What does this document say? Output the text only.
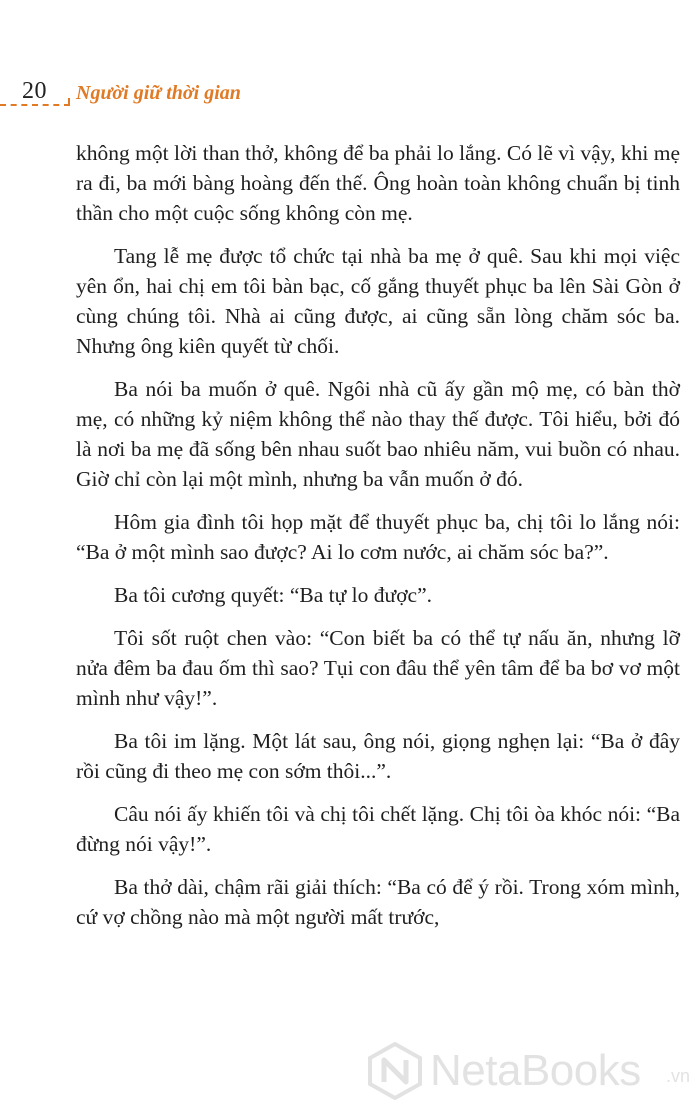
20 Người giữ thời gian

không một lời than thở, không để ba phải lo lắng. Có lẽ vì vậy, khi mẹ ra đi, ba mới bàng hoàng đến thế. Ông hoàn toàn không chuẩn bị tinh thần cho một cuộc sống không còn mẹ.

Tang lễ mẹ được tổ chức tại nhà ba mẹ ở quê. Sau khi mọi việc yên ổn, hai chị em tôi bàn bạc, cố gắng thuyết phục ba lên Sài Gòn ở cùng chúng tôi. Nhà ai cũng được, ai cũng sẵn lòng chăm sóc ba. Nhưng ông kiên quyết từ chối.

Ba nói ba muốn ở quê. Ngôi nhà cũ ấy gần mộ mẹ, có bàn thờ mẹ, có những kỷ niệm không thể nào thay thế được. Tôi hiểu, bởi đó là nơi ba mẹ đã sống bên nhau suốt bao nhiêu năm, vui buồn có nhau. Giờ chỉ còn lại một mình, nhưng ba vẫn muốn ở đó.

Hôm gia đình tôi họp mặt để thuyết phục ba, chị tôi lo lắng nói: “Ba ở một mình sao được? Ai lo cơm nước, ai chăm sóc ba?”.

Ba tôi cương quyết: “Ba tự lo được”.

Tôi sốt ruột chen vào: “Con biết ba có thể tự nấu ăn, nhưng lỡ nửa đêm ba đau ốm thì sao? Tụi con đâu thể yên tâm để ba bơ vơ một mình như vậy!”.

Ba tôi im lặng. Một lát sau, ông nói, giọng nghẹn lại: “Ba ở đây rồi cũng đi theo mẹ con sớm thôi...”.

Câu nói ấy khiến tôi và chị tôi chết lặng. Chị tôi òa khóc nói: “Ba đừng nói vậy!”.

Ba thở dài, chậm rãi giải thích: “Ba có để ý rồi. Trong xóm mình, cứ vợ chồng nào mà một người mất trước,

NetaBooks .vn
